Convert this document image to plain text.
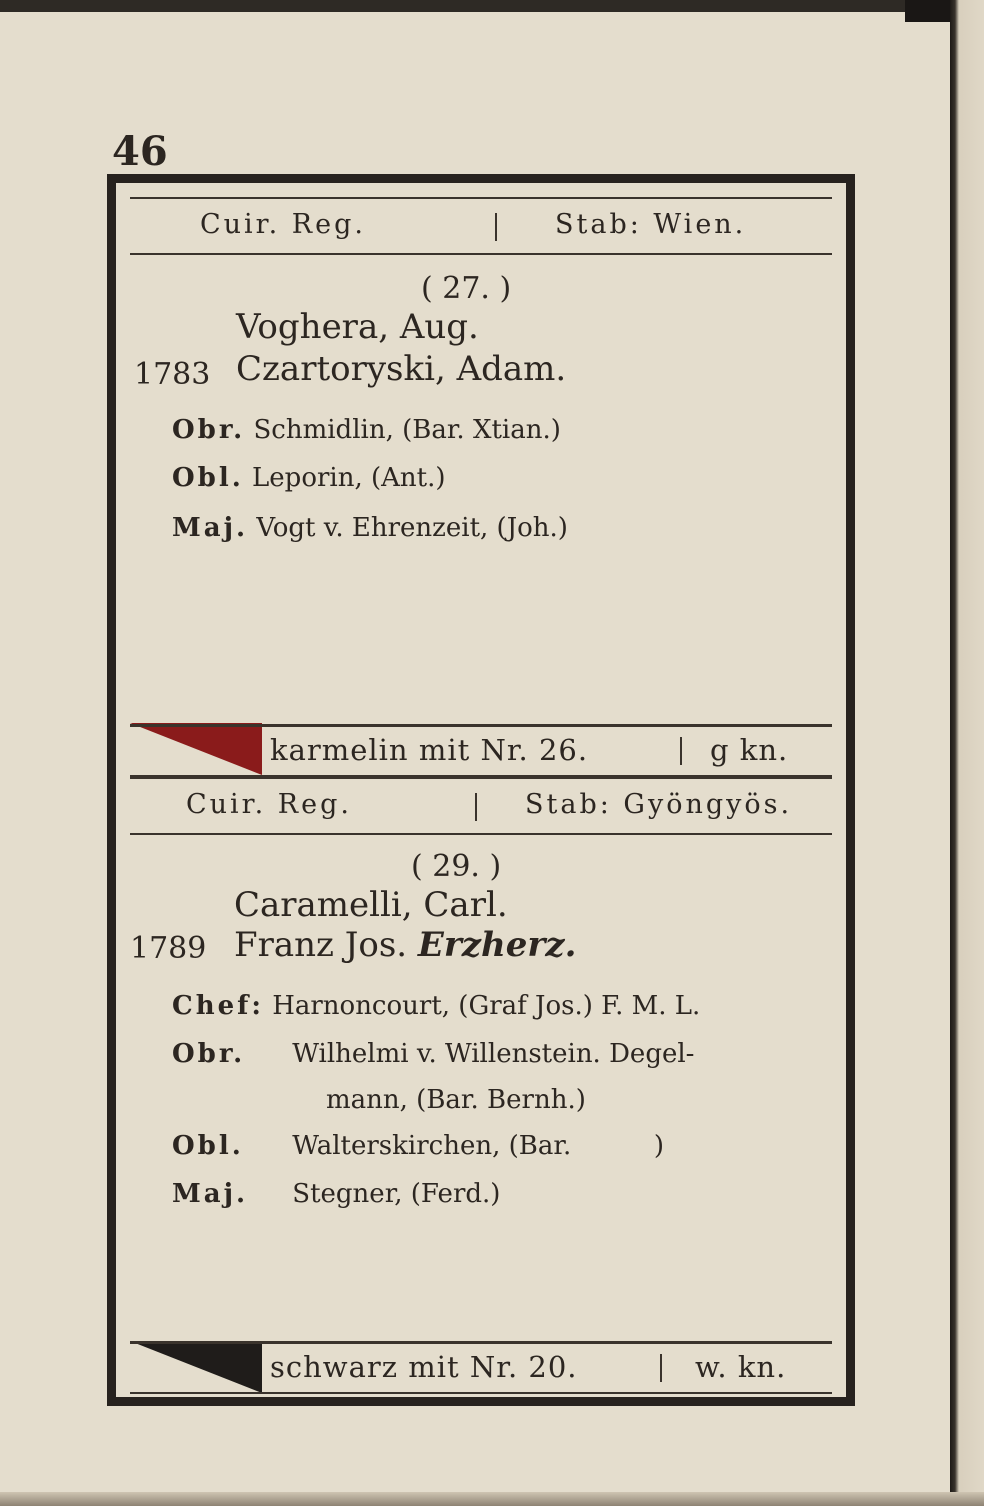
46
Cuir. Reg.	Stab: Wien.
( 27. )
Voghera, Aug.
1783 Czartoryski, Adam.
Obr. Schmidlin, (Bar. Xtian.)
Obl. Leporin, (Ant.)
Maj. Vogt v. Ehrenzeit, (Joh.)
karmelin mit Nr. 26.	g kn.
Cuir. Reg.	Stab: Gyöngyös.
( 29. )
Caramelli, Carl.
1789 Franz Jos. Erzherz.
Chef: Harnoncourt, (Graf Jos.) F. M. L.
Obr. Wilhelmi v. Willenstein. Degel-
mann, (Bar. Bernh.)
Obl. Walterskirchen, (Bar.          )
Maj. Stegner, (Ferd.)
schwarz mit Nr. 20.	w. kn.
